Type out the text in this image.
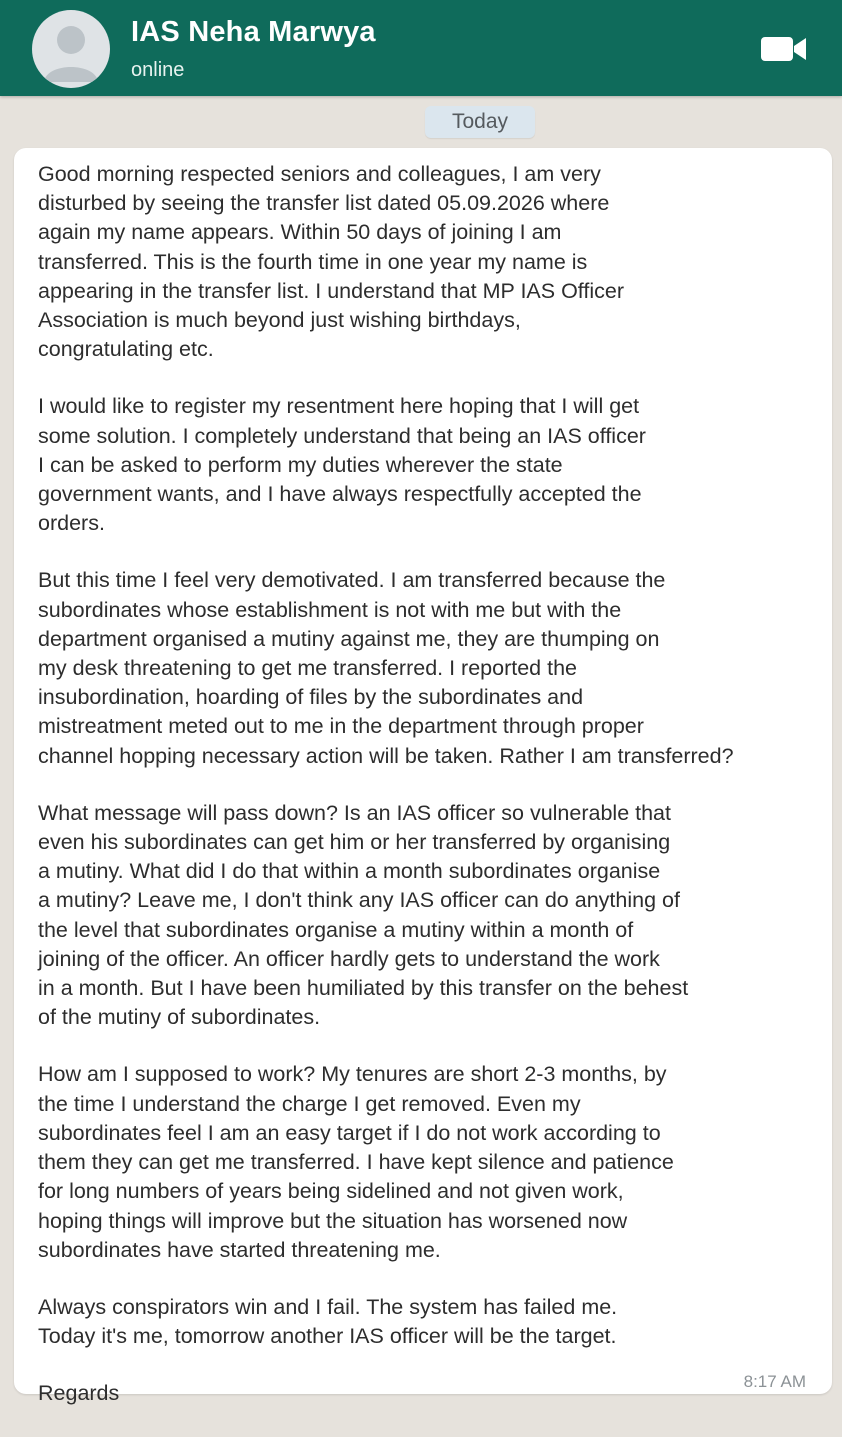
IAS Neha Marwya
online
Today

Good morning respected seniors and colleagues, I am very
disturbed by seeing the transfer list dated 05.09.2026 where
again my name appears. Within 50 days of joining I am
transferred. This is the fourth time in one year my name is
appearing in the transfer list. I understand that MP IAS Officer
Association is much beyond just wishing birthdays,
congratulating etc.

I would like to register my resentment here hoping that I will get
some solution. I completely understand that being an IAS officer
I can be asked to perform my duties wherever the state
government wants, and I have always respectfully accepted the
orders.

But this time I feel very demotivated. I am transferred because the
subordinates whose establishment is not with me but with the
department organised a mutiny against me, they are thumping on
my desk threatening to get me transferred. I reported the
insubordination, hoarding of files by the subordinates and
mistreatment meted out to me in the department through proper
channel hopping necessary action will be taken. Rather I am transferred?

What message will pass down? Is an IAS officer so vulnerable that
even his subordinates can get him or her transferred by organising
a mutiny. What did I do that within a month subordinates organise
a mutiny? Leave me, I don't think any IAS officer can do anything of
the level that subordinates organise a mutiny within a month of
joining of the officer. An officer hardly gets to understand the work
in a month. But I have been humiliated by this transfer on the behest
of the mutiny of subordinates.

How am I supposed to work? My tenures are short 2-3 months, by
the time I understand the charge I get removed. Even my
subordinates feel I am an easy target if I do not work according to
them they can get me transferred. I have kept silence and patience
for long numbers of years being sidelined and not given work,
hoping things will improve but the situation has worsened now
subordinates have started threatening me.

Always conspirators win and I fail. The system has failed me.
Today it's me, tomorrow another IAS officer will be the target.

Regards	8:17 AM
